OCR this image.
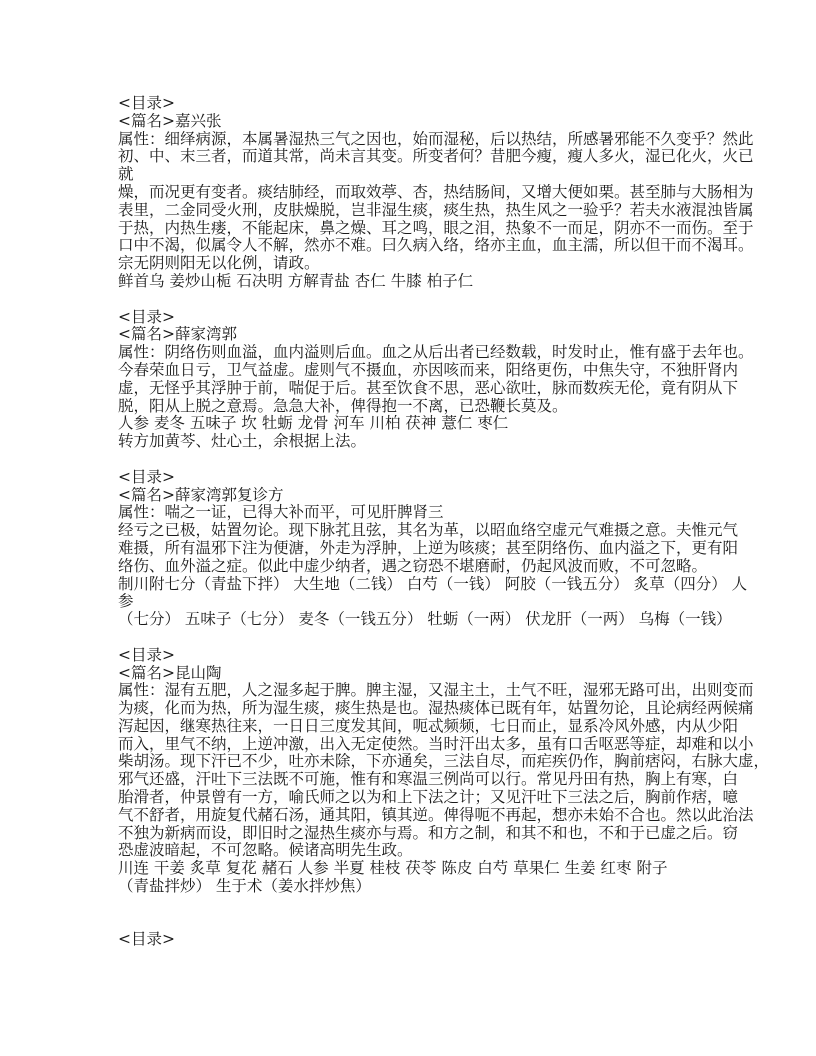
<目录>
<篇名>嘉兴张
属性：细绎病源，本属暑湿热三气之因也，始而湿秘，后以热结，所感暑邪能不久变乎？然此
初、中、末三者，而道其常，尚未言其变。所变者何？昔肥今瘦，瘦人多火，湿已化火，火已
就
燥，而况更有变者。痰结肺经，而取效葶、杏，热结肠间，又增大便如栗。甚至肺与大肠相为
表里，二金同受火刑，皮肤燥脱，岂非湿生痰，痰生热，热生风之一验乎？若夫水液混浊皆属
于热，内热生瘘，不能起床，鼻之燥、耳之鸣，眼之泪，热象不一而足，阴亦不一而伤。至于
口中不渴，似属令人不解，然亦不难。曰久病入络，络亦主血，血主濡，所以但干而不渴耳。
宗无阴则阳无以化例，请政。
鲜首乌 姜炒山栀 石决明 方解青盐 杏仁 牛膝 柏子仁
<目录>
<篇名>薛家湾郭
属性：阴络伤则血溢，血内溢则后血。血之从后出者已经数载，时发时止，惟有盛于去年也。
今春荣血日亏，卫气益虚。虚则气不摄血，亦因咳而来，阳络更伤，中焦失守，不独肝肾内
虚，无怪乎其浮肿于前，喘促于后。甚至饮食不思，恶心欲吐，脉而数疾无伦，竟有阴从下
脱，阳从上脱之意焉。急急大补，俾得抱一不离，已恐鞭长莫及。
人参 麦冬 五味子 坎 牡蛎 龙骨 河车 川柏 茯神 薏仁 枣仁
转方加黄芩、灶心土，余根据上法。
<目录>
<篇名>薛家湾郭复诊方
属性：喘之一证，已得大补而平，可见肝脾肾三
经亏之已极，姑置勿论。现下脉芤且弦，其名为革，以昭血络空虚元气难摄之意。夫惟元气
难摄，所有温邪下注为便溏，外走为浮肿，上逆为咳痰；甚至阴络伤、血内溢之下，更有阳
络伤、血外溢之症。似此中虚少纳者，遇之窃恐不堪磨耐，仍起风波而败，不可忽略。
制川附七分（青盐下拌） 大生地（二钱） 白芍（一钱） 阿胶（一钱五分） 炙草（四分） 人
参
（七分） 五味子（七分） 麦冬（一钱五分） 牡蛎（一两） 伏龙肝（一两） 乌梅（一钱）
<目录>
<篇名>昆山陶
属性：湿有五肥，人之湿多起于脾。脾主湿，又湿主土，土气不旺，湿邪无路可出，出则变而
为痰，化而为热，所为湿生痰，痰生热是也。湿热痰体已既有年，姑置勿论，且论病经两候痛
泻起因，继寒热往来，一日日三度发其间，呃忒频频，七日而止，显系冷风外感，内从少阳
而入，里气不纳，上逆冲激，出入无定使然。当时汗出太多，虽有口舌呕恶等症，却难和以小
柴胡汤。现下汗已不少，吐亦未除，下亦通矣，三法自尽，而疟疾仍作，胸前痞闷，右脉大虚，
邪气还盛，汗吐下三法既不可施，惟有和寒温三例尚可以行。常见丹田有热，胸上有寒，白
胎滑者，仲景曾有一方，喻氏师之以为和上下法之计；又见汗吐下三法之后，胸前作痞，噫
气不舒者，用旋复代赭石汤，通其阳，镇其逆。俾得呃不再起，想亦未始不合也。然以此治法
不独为新病而设，即旧时之湿热生痰亦与焉。和方之制，和其不和也，不和于已虚之后。窃
恐虚波暗起，不可忽略。候诸高明先生政。
川连 干姜 炙草 复花 赭石 人参 半夏 桂枝 茯苓 陈皮 白芍 草果仁 生姜 红枣 附子
（青盐拌炒） 生于术（姜水拌炒焦）
<目录>
